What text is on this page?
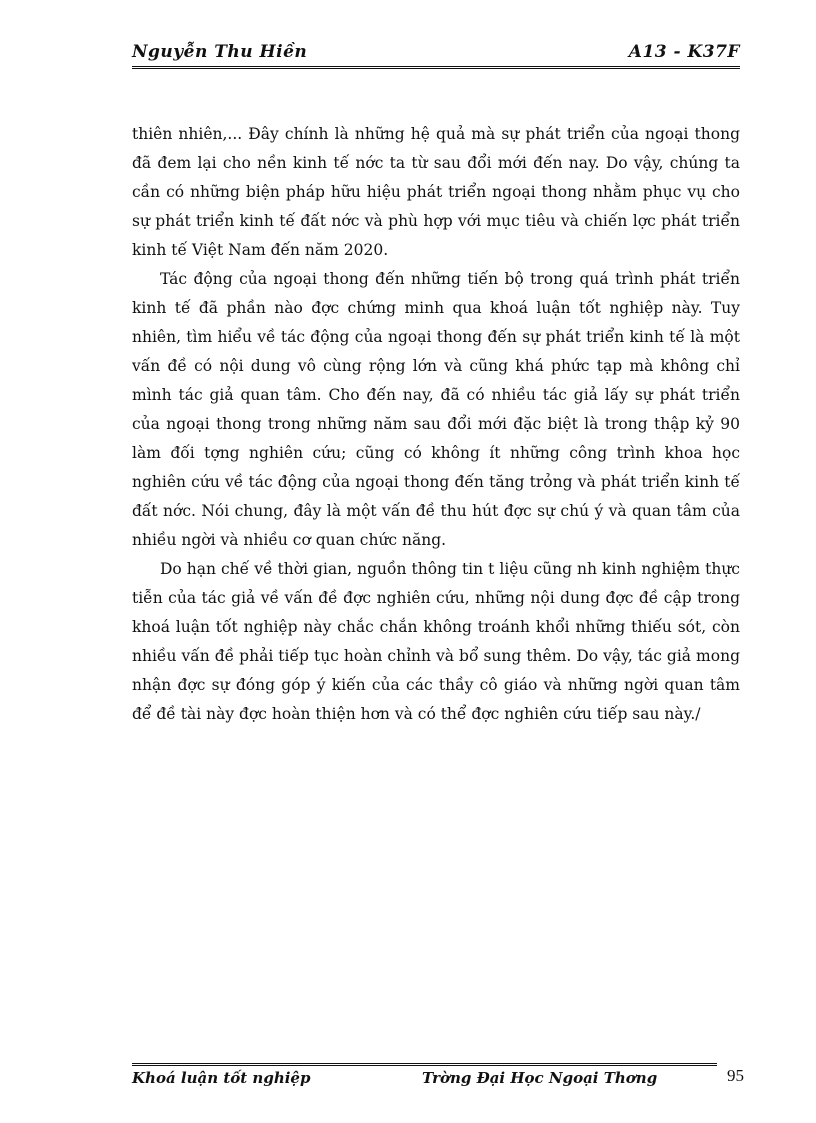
Nguyễn Thu Hiền	A13 - K37F

thiên nhiên,... Đây chính là những hệ quả mà sự phát triển của ngoại thong đã đem lại cho nền kinh tế nớc ta từ sau đổi mới đến nay. Do vậy, chúng ta cần có những biện pháp hữu hiệu phát triển ngoại thong nhằm phục vụ cho sự phát triển kinh tế đất nớc và phù hợp với mục tiêu và chiến lợc phát triển kinh tế Việt Nam đến năm 2020.

Tác động của ngoại thong đến những tiến bộ trong quá trình phát triển kinh tế đã phần nào đợc chứng minh qua khoá luận tốt nghiệp này. Tuy nhiên, tìm hiểu về tác động của ngoại thong đến sự phát triển kinh tế là một vấn đề có nội dung vô cùng rộng lớn và cũng khá phức tạp mà không chỉ mình tác giả quan tâm. Cho đến nay, đã có nhiều tác giả lấy sự phát triển của ngoại thong trong những năm sau đổi mới đặc biệt là trong thập kỷ 90 làm đối tợng nghiên cứu; cũng có không ít những công trình khoa học nghiên cứu về tác động của ngoại thong đến tăng trỏng và phát triển kinh tế đất nớc. Nói chung, đây là một vấn đề thu hút đợc sự chú ý và quan tâm của nhiều ngời và nhiều cơ quan chức năng.

Do hạn chế về thời gian, nguồn thông tin t liệu cũng nh kinh nghiệm thực tiễn của tác giả về vấn đề đợc nghiên cứu, những nội dung đợc đề cập trong khoá luận tốt nghiệp này chắc chắn không troánh khổi những thiếu sót, còn nhiều vấn đề phải tiếp tục hoàn chỉnh và bổ sung thêm. Do vậy, tác giả mong nhận đợc sự đóng góp ý kiến của các thầy cô giáo và những ngời quan tâm để đề tài này đợc hoàn thiện hơn và có thể đợc nghiên cứu tiếp sau này./

Khoá luận tốt nghiệp	Trờng Đại Học Ngoại Thơng	95
